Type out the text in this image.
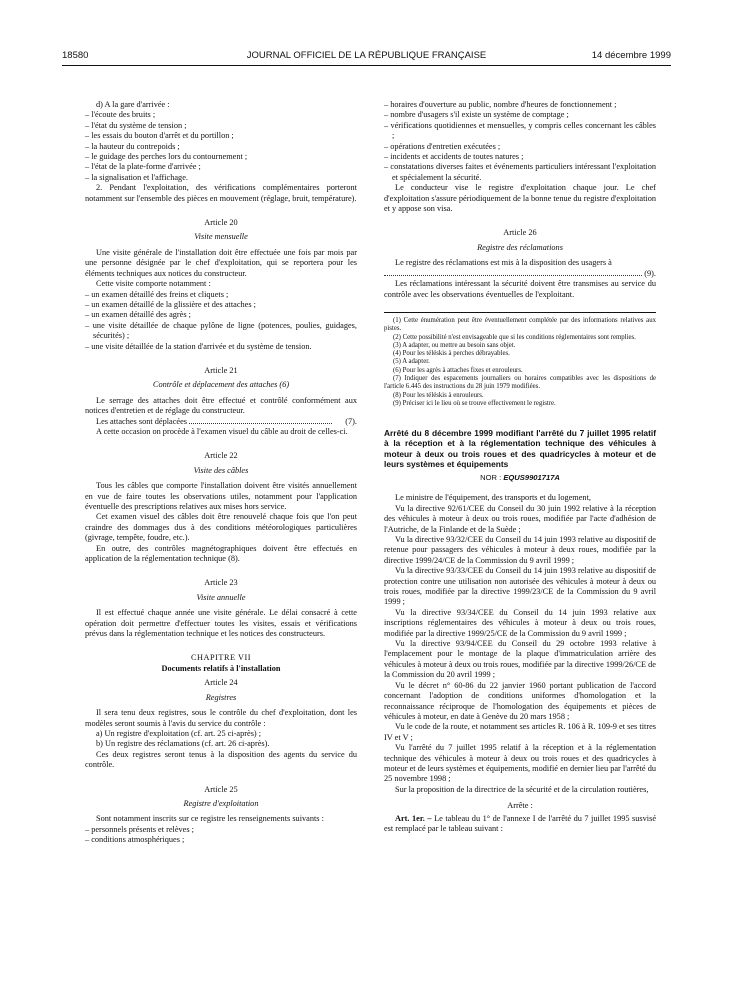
18580	JOURNAL OFFICIEL DE LA RÉPUBLIQUE FRANÇAISE	14 décembre 1999

d) A la gare d'arrivée :

– l'écoute des bruits ;

– l'état du système de tension ;

– les essais du bouton d'arrêt et du portillon ;

– la hauteur du contrepoids ;

– le guidage des perches lors du contournement ;

– l'état de la plate-forme d'arrivée ;

– la signalisation et l'affichage.

2. Pendant l'exploitation, des vérifications complémentaires porteront notamment sur l'ensemble des pièces en mouvement (réglage, bruit, température).

Article 20

Visite mensuelle

Une visite générale de l'installation doit être effectuée une fois par mois par une personne désignée par le chef d'exploitation, qui se reportera pour les éléments techniques aux notices du constructeur.

Cette visite comporte notamment :

– un examen détaillé des freins et cliquets ;

– un examen détaillé de la glissière et des attaches ;

– un examen détaillé des agrès ;

– une visite détaillée de chaque pylône de ligne (potences, poulies, guidages, sécurités) ;

– une visite détaillée de la station d'arrivée et du système de tension.

Article 21

Contrôle et déplacement des attaches (6)

Le serrage des attaches doit être effectué et contrôlé conformément aux notices d'entretien et de réglage du constructeur.

Les attaches sont déplacées	(7).

A cette occasion on procède à l'examen visuel du câble au droit de celles-ci.

Article 22

Visite des câbles

Tous les câbles que comporte l'installation doivent être visités annuellement en vue de faire toutes les observations utiles, notamment pour l'application éventuelle des prescriptions relatives aux mises hors service.

Cet examen visuel des câbles doit être renouvelé chaque fois que l'on peut craindre des dommages dus à des conditions météorologiques particulières (givrage, tempête, foudre, etc.).

En outre, des contrôles magnétographiques doivent être effectués en application de la réglementation technique (8).

Article 23

Visite annuelle

Il est effectué chaque année une visite générale. Le délai consacré à cette opération doit permettre d'effectuer toutes les visites, essais et vérifications prévus dans la réglementation technique et les notices des constructeurs.

CHAPITRE VII

Documents relatifs à l'installation

Article 24

Registres

Il sera tenu deux registres, sous le contrôle du chef d'exploitation, dont les modèles seront soumis à l'avis du service du contrôle :

a) Un registre d'exploitation (cf. art. 25 ci-après) ;

b) Un registre des réclamations (cf. art. 26 ci-après).

Ces deux registres seront tenus à la disposition des agents du service du contrôle.

Article 25

Registre d'exploitation

Sont notamment inscrits sur ce registre les renseignements suivants :

– personnels présents et relèves ;

– conditions atmosphériques ;

– horaires d'ouverture au public, nombre d'heures de fonctionnement ;

– nombre d'usagers s'il existe un système de comptage ;

– vérifications quotidiennes et mensuelles, y compris celles concernant les câbles ;

– opérations d'entretien exécutées ;

– incidents et accidents de toutes natures ;

– constatations diverses faites et événements particuliers intéressant l'exploitation et spécialement la sécurité.

Le conducteur vise le registre d'exploitation chaque jour. Le chef d'exploitation s'assure périodiquement de la bonne tenue du registre d'exploitation et y appose son visa.

Article 26

Registre des réclamations

Le registre des réclamations est mis à la disposition des usagers à

(9).

Les réclamations intéressant la sécurité doivent être transmises au service du contrôle avec les observations éventuelles de l'exploitant.

(1) Cette énumération peut être éventuellement complétée par des informations relatives aux pistes.

(2) Cette possibilité n'est envisageable que si les conditions réglementaires sont remplies.

(3) A adapter, ou mettre au besoin sans objet.

(4) Pour les téléskis à perches débrayables.

(5) A adapter.

(6) Pour les agrès à attaches fixes et enrouleurs.

(7) Indiquer des espacements journaliers ou horaires compatibles avec les dispositions de l'article 6.445 des instructions du 28 juin 1979 modifiées.

(8) Pour les téléskis à enrouleurs.

(9) Préciser ici le lieu où se trouve effectivement le registre.

Arrêté du 8 décembre 1999 modifiant l'arrêté du 7 juillet 1995 relatif à la réception et à la réglementation technique des véhicules à moteur à deux ou trois roues et des quadricycles à moteur et de leurs systèmes et équipements

NOR : EQUS9901717A

Le ministre de l'équipement, des transports et du logement,

Vu la directive 92/61/CEE du Conseil du 30 juin 1992 relative à la réception des véhicules à moteur à deux ou trois roues, modifiée par l'acte d'adhésion de l'Autriche, de la Finlande et de la Suède ;

Vu la directive 93/32/CEE du Conseil du 14 juin 1993 relative au dispositif de retenue pour passagers des véhicules à moteur à deux roues, modifiée par la directive 1999/24/CE de la Commission du 9 avril 1999 ;

Vu la directive 93/33/CEE du Conseil du 14 juin 1993 relative au dispositif de protection contre une utilisation non autorisée des véhicules à moteur à deux ou trois roues, modifiée par la directive 1999/23/CE de la Commission du 9 avril 1999 ;

Vu la directive 93/34/CEE du Conseil du 14 juin 1993 relative aux inscriptions réglementaires des véhicules à moteur à deux ou trois roues, modifiée par la directive 1999/25/CE de la Commission du 9 avril 1999 ;

Vu la directive 93/94/CEE du Conseil du 29 octobre 1993 relative à l'emplacement pour le montage de la plaque d'immatriculation arrière des véhicules à moteur à deux ou trois roues, modifiée par la directive 1999/26/CE de la Commission du 20 avril 1999 ;

Vu le décret n° 60-86 du 22 janvier 1960 portant publication de l'accord concernant l'adoption de conditions uniformes d'homologation et la reconnaissance réciproque de l'homologation des équipements et pièces de véhicules à moteur, en date à Genève du 20 mars 1958 ;

Vu le code de la route, et notamment ses articles R. 106 à R. 109-9 et ses titres IV et V ;

Vu l'arrêté du 7 juillet 1995 relatif à la réception et à la réglementation technique des véhicules à moteur à deux ou trois roues et des quadricycles à moteur et de leurs systèmes et équipements, modifié en dernier lieu par l'arrêté du 25 novembre 1998 ;

Sur la proposition de la directrice de la sécurité et de la circulation routières,

Arrête :

Art. 1er. – Le tableau du 1° de l'annexe I de l'arrêté du 7 juillet 1995 susvisé est remplacé par le tableau suivant :
